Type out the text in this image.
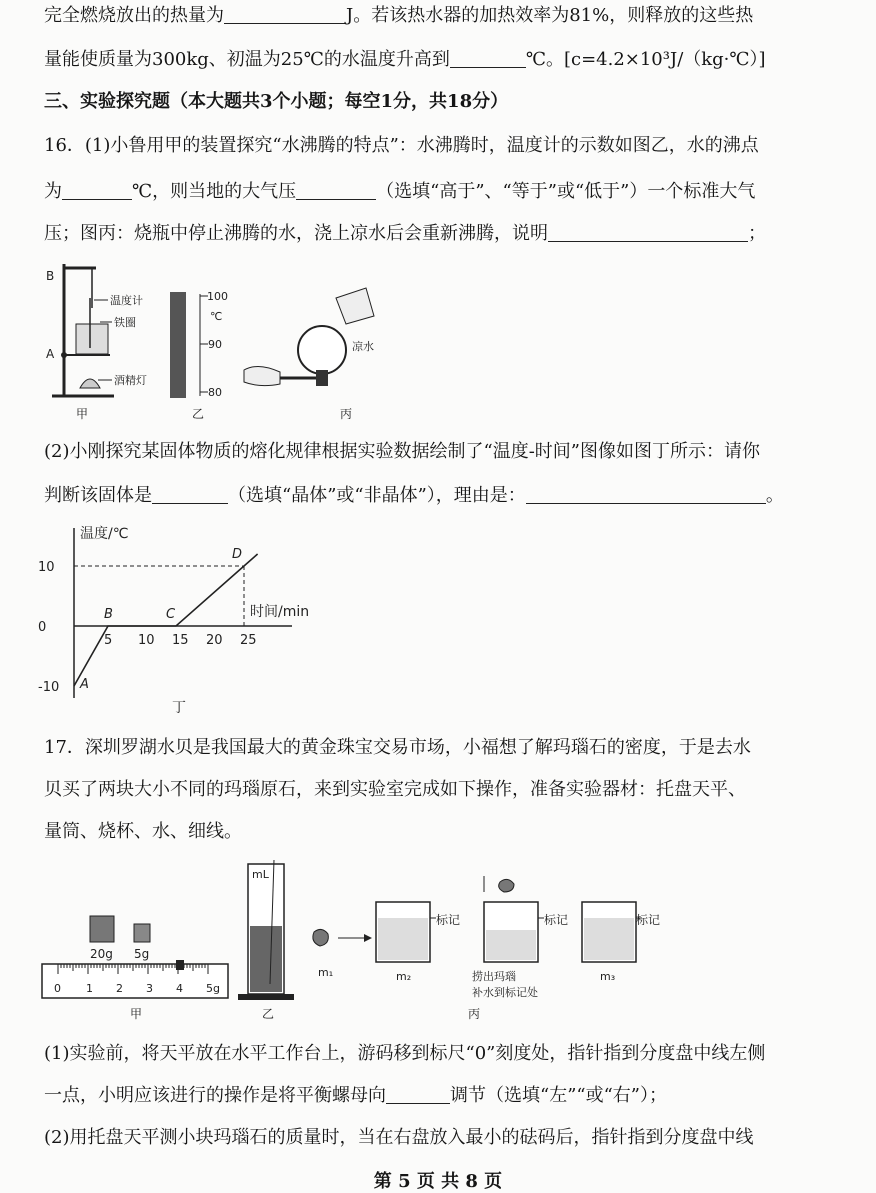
完全燃烧放出的热量为	J。若该热水器的加热效率为81%，则释放的这些热
量能使质量为300kg、初温为25℃的水温度升高到	℃。[c=4.2×10³J/（kg·℃）]
三、实验探究题（本大题共3个小题；每空1分，共18分）
16．(1)小鲁用甲的装置探究“水沸腾的特点”：水沸腾时，温度计的示数如图乙，水的沸点
为	℃，则当地的大气压	（选填“高于”、“等于”或“低于”）一个标准大气
压；图丙：烧瓶中停止沸腾的水，浇上凉水后会重新沸腾，说明	；
B
A
温度计
铁圈
酒精灯
甲
100
℃
90
80
乙
凉水
丙
(2)小刚探究某固体物质的熔化规律根据实验数据绘制了“温度-时间”图像如图丁所示：请你
判断该固体是	（选填“晶体”或“非晶体”），理由是：	。
温度/℃
时间/min
丁
5 10 15 20 25
10
0
-10 A
B	C
D
17．深圳罗湖水贝是我国最大的黄金珠宝交易市场，小福想了解玛瑙石的密度，于是去水
贝买了两块大小不同的玛瑙原石，来到实验室完成如下操作，准备实验器材：托盘天平、
量筒、烧杯、水、细线。
20g 5g
0 1 2 3 4 5g
甲
mL
乙
m₁
标记
m₂
标记
捞出玛瑙
补水到标记处
标记
m₃
丙
(1)实验前，将天平放在水平工作台上，游码移到标尺“0”刻度处，指针指到分度盘中线左侧
一点，小明应该进行的操作是将平衡螺母向	调节（选填“左”“或“右”）；
(2)用托盘天平测小块玛瑙石的质量时，当在右盘放入最小的砝码后，指针指到分度盘中线
第 5 页 共 8 页
